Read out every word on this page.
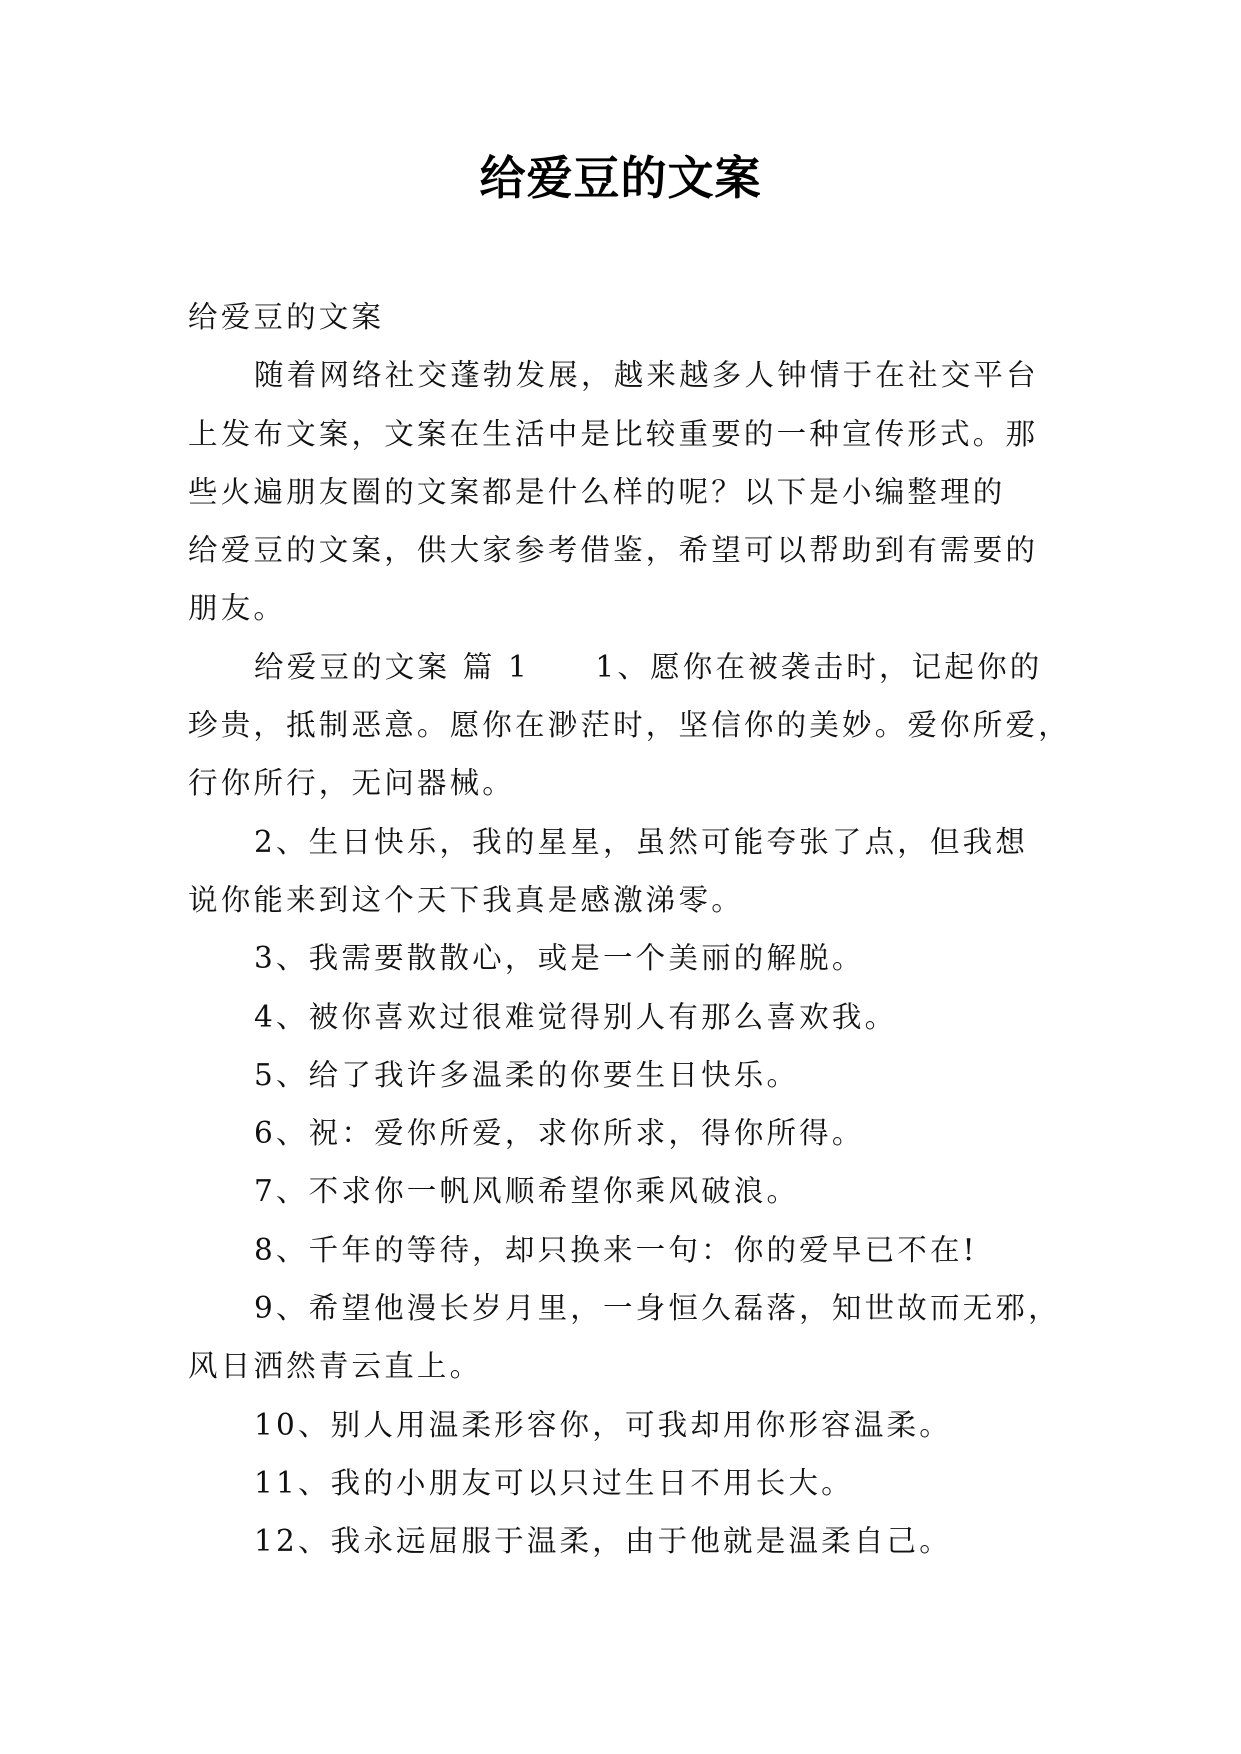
给爱豆的文案

给爱豆的文案

随着网络社交蓬勃发展，越来越多人钟情于在社交平台
上发布文案，文案在生活中是比较重要的一种宣传形式。那
些火遍朋友圈的文案都是什么样的呢？以下是小编整理的
给爱豆的文案，供大家参考借鉴，希望可以帮助到有需要的
朋友。

给爱豆的文案 篇 1　　1、愿你在被袭击时，记起你的
珍贵，抵制恶意。愿你在渺茫时，坚信你的美妙。爱你所爱，
行你所行，无问器械。

2、生日快乐，我的星星，虽然可能夸张了点，但我想
说你能来到这个天下我真是感激涕零。

3、我需要散散心，或是一个美丽的解脱。

4、被你喜欢过很难觉得别人有那么喜欢我。

5、给了我许多温柔的你要生日快乐。

6、祝：爱你所爱，求你所求，得你所得。

7、不求你一帆风顺希望你乘风破浪。

8、千年的等待，却只换来一句：你的爱早已不在!

9、希望他漫长岁月里，一身恒久磊落，知世故而无邪，
风日洒然青云直上。

10、别人用温柔形容你，可我却用你形容温柔。

11、我的小朋友可以只过生日不用长大。

12、我永远屈服于温柔，由于他就是温柔自己。
